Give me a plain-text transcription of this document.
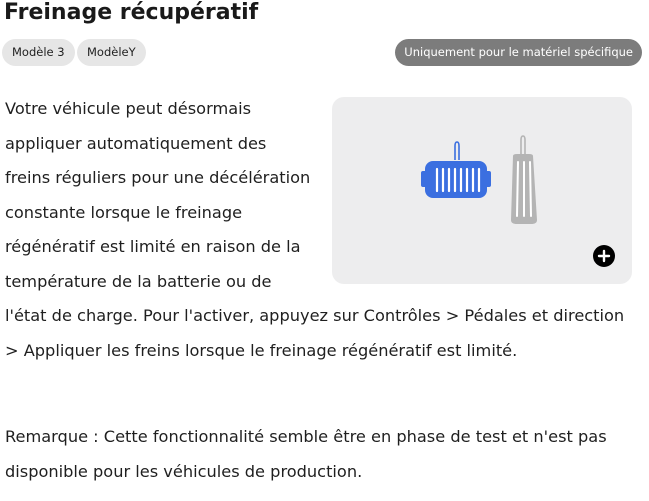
Freinage récupératif
Modèle 3	ModèleY	Uniquement pour le matériel spécifique

Votre véhicule peut désormais appliquer automatiquement des freins réguliers pour une décélération constante lorsque le freinage régénératif est limité en raison de la température de la batterie ou de l'état de charge. Pour l'activer, appuyez sur Contrôles > Pédales et direction > Appliquer les freins lorsque le freinage régénératif est limité.

Remarque : Cette fonctionnalité semble être en phase de test et n'est pas disponible pour les véhicules de production.
